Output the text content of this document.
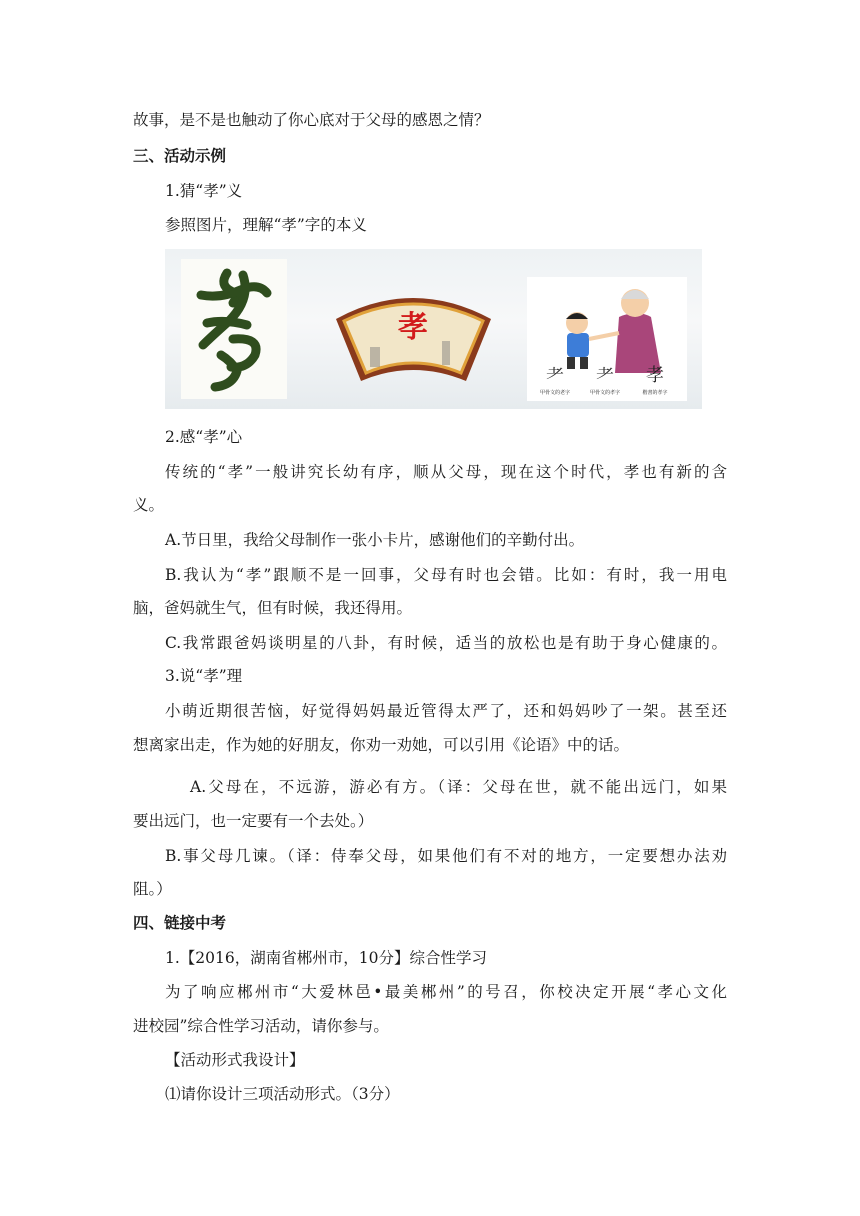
故事，是不是也触动了你心底对于父母的感恩之情？
三、活动示例
1.猜“孝”义
参照图片，理解“孝”字的本义
孝
⺹ ⺹ 孝
甲骨文的老字	甲骨文的孝字	楷書的孝字
2.感“孝”心
传统的“孝”一般讲究长幼有序，顺从父母，现在这个时代，孝也有新的含
义。
A.节日里，我给父母制作一张小卡片，感谢他们的辛勤付出。
B.我认为“孝”跟顺不是一回事，父母有时也会错。比如：有时，我一用电
脑，爸妈就生气，但有时候，我还得用。
C.我常跟爸妈谈明星的八卦，有时候，适当的放松也是有助于身心健康的。
3.说“孝”理
小萌近期很苦恼，好觉得妈妈最近管得太严了，还和妈妈吵了一架。甚至还
想离家出走，作为她的好朋友，你劝一劝她，可以引用《论语》中的话。
A.父母在，不远游，游必有方。（译：父母在世，就不能出远门，如果
要出远门，也一定要有一个去处。）
B.事父母几谏。（译：侍奉父母，如果他们有不对的地方，一定要想办法劝
阻。）
四、链接中考
1.【2016，湖南省郴州市，10分】综合性学习
为了响应郴州市“大爱林邑•最美郴州”的号召，你校决定开展“孝心文化
进校园”综合性学习活动，请你参与。
【活动形式我设计】
⑴请你设计三项活动形式。（3分）
